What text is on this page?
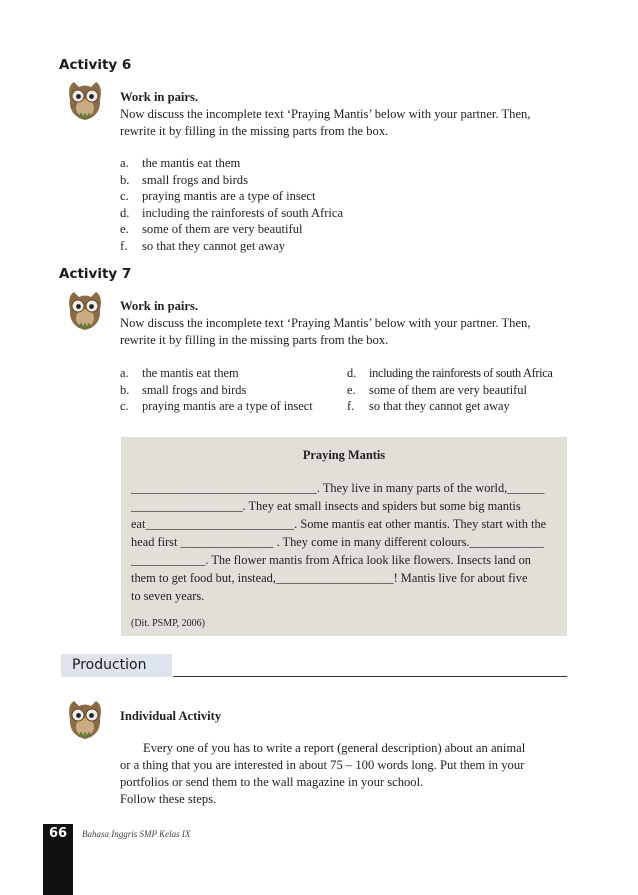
Activity 6
Work in pairs.
Now discuss the incomplete text ‘Praying Mantis’ below with your partner. Then,
rewrite it by filling in the missing parts from the box.
a.	the mantis eat them
b. small frogs and birds
c.	praying mantis are a type of insect
d. including the rainforests of south Africa
e.	some of them are very beautiful
f.	so that they cannot get away
Activity 7
Work in pairs.
Now discuss the incomplete text ‘Praying Mantis’ below with your partner. Then,
rewrite it by filling in the missing parts from the box.
a.	the mantis eat them	d.	including the rainforests of south Africa
b.	small frogs and birds	e.	some of them are very beautiful
c.	praying mantis are a type of insect	f.	so that they cannot get away
Praying Mantis
______________________________. They live in many parts of the world,______
__________________. They eat small insects and spiders but some big mantis
eat________________________. Some mantis eat other mantis. They start with the
head first _______________ . They come in many different colours.____________
____________. The flower mantis from Africa look like flowers. Insects land on
them to get food but, instead,___________________! Mantis live for about five
to seven years.
(Dit. PSMP, 2006)
Production
Individual Activity
Every one of you has to write a report (general description) about an animal
or a thing that you are interested in about 75 – 100 words long. Put them in your
portfolios or send them to the wall magazine in your school.
Follow these steps.
66	Bahasa Inggris SMP Kelas IX
